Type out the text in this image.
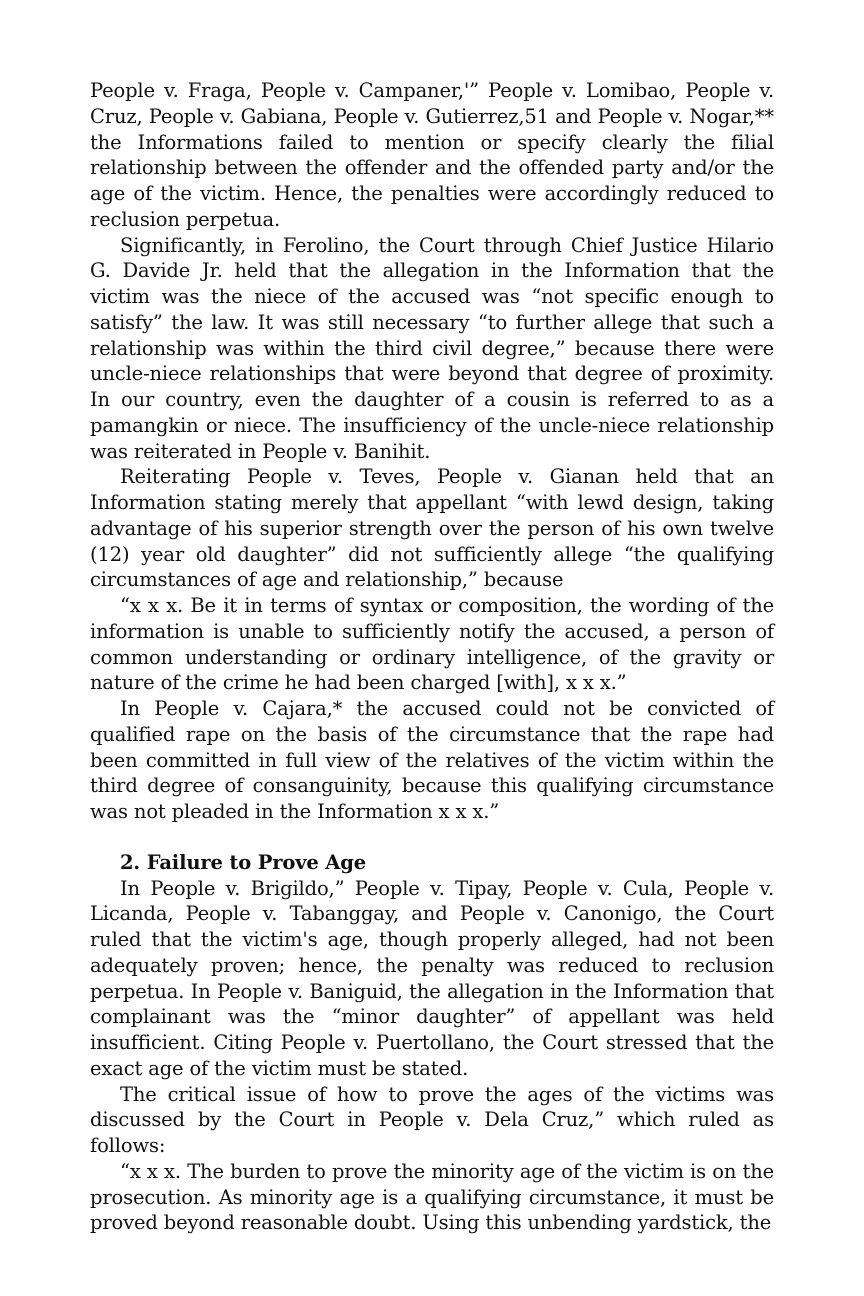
People v. Fraga, People v. Campaner,'” People v. Lomibao, People v. Cruz, People v. Gabiana, People v. Gutierrez,51 and People v. Nogar,** the Informations failed to mention or specify clearly the filial relationship between the offender and the offended party and/or the age of the victim. Hence, the penalties were accordingly reduced to reclusion perpetua.

Significantly, in Ferolino, the Court through Chief Justice Hilario G. Davide Jr. held that the allegation in the Information that the victim was the niece of the accused was “not specific enough to satisfy” the law. It was still necessary “to further allege that such a relationship was within the third civil degree,” because there were uncle-niece relationships that were beyond that degree of proximity. In our country, even the daughter of a cousin is referred to as a pamangkin or niece. The insufficiency of the uncle-niece relationship was reiterated in People v. Banihit.

Reiterating People v. Teves, People v. Gianan held that an Information stating merely that appellant “with lewd design, taking advantage of his superior strength over the person of his own twelve (12) year old daughter” did not sufficiently allege “the qualifying circumstances of age and relationship,” because

“x x x. Be it in terms of syntax or composition, the wording of the information is unable to sufficiently notify the accused, a person of common understanding or ordinary intelligence, of the gravity or nature of the crime he had been charged [with], x x x.”

In People v. Cajara,* the accused could not be convicted of qualified rape on the basis of the circumstance that the rape had been committed in full view of the relatives of the victim within the third degree of consanguinity, because this qualifying circumstance was not pleaded in the Information x x x.”

2. Failure to Prove Age

In People v. Brigildo,” People v. Tipay, People v. Cula, People v. Licanda, People v. Tabanggay, and People v. Canonigo, the Court ruled that the victim's age, though properly alleged, had not been adequately proven; hence, the penalty was reduced to reclusion perpetua. In People v. Baniguid, the allegation in the Information that complainant was the “minor daughter” of appellant was held insufficient. Citing People v. Puertollano, the Court stressed that the exact age of the victim must be stated.

The critical issue of how to prove the ages of the victims was discussed by the Court in People v. Dela Cruz,” which ruled as follows:

“x x x. The burden to prove the minority age of the victim is on the prosecution. As minority age is a qualifying circumstance, it must be proved beyond reasonable doubt. Using this unbending yardstick, the
